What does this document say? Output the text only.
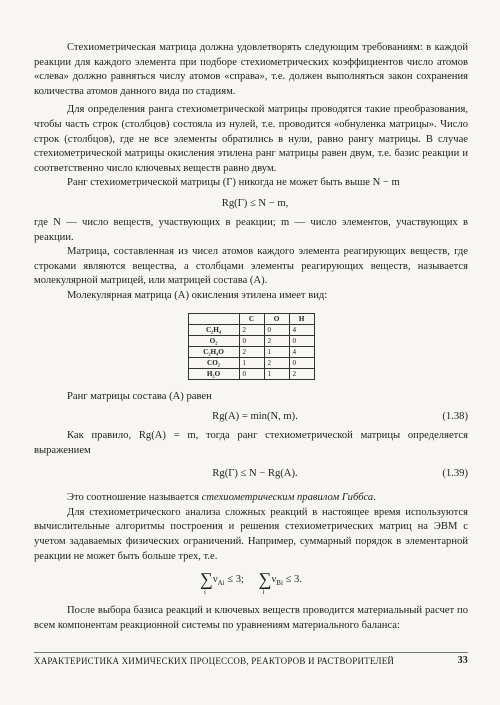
Стехиометрическая матрица должна удовлетворять следующим требованиям: в каждой реакции для каждого элемента при подборе стехиометрических коэффициентов число атомов «слева» должно равняться числу атомов «справа», т.е. должен выполняться закон сохранения количества атомов данного вида по стадиям.

Для определения ранга стехиометрической матрицы проводятся такие преобразования, чтобы часть строк (столбцов) состояла из нулей, т.е. проводится «обнуленка матрицы». Число строк (столбцов), где не все элементы обратились в нули, равно рангу матрицы. В случае стехиометрической матрицы окисления этилена ранг матрицы равен двум, т.е. базис реакции и соответственно число ключевых веществ равно двум.

Ранг стехиометрической матрицы (Γ) никогда не может быть выше N − m

Rg(Γ) ≤ N − m,

где N — число веществ, участвующих в реакции; m — число элементов, участвующих в реакции.

Матрица, составленная из чисел атомов каждого элемента реагирующих веществ, где строками являются вещества, а столбцами элементы реагирующих веществ, называется молекулярной матрицей, или матрицей состава (А).

Молекулярная матрица (А) окисления этилена имеет вид:

	C	O	H
C₂H₄	2	0	4
O₂	0	2	0
C₂H₄O	2	1	4
CO₂	1	2	0
H₂O	0	1	2

Ранг матрицы состава (А) равен

Rg(A) = min(N, m).	(1.38)

Как правило, Rg(A) = m, тогда ранг стехиометрической матрицы определяется выражением

Rg(Γ) ≤ N − Rg(A).	(1.39)

Это соотношение называется стехиометрическим правилом Гиббса.

Для стехиометрического анализа сложных реакций в настоящее время используются вычислительные алгоритмы построения и решения стехиометрических матриц на ЭВМ с учетом задаваемых физических ограничений. Например, суммарный порядок в элементарной реакции не может быть больше трех, т.е.

∑
i
$\nu_{Ai} \le 3$; ∑
i
$\nu_{Bi} \le 3$.

После выбора базиса реакций и ключевых веществ проводится материальный расчет по всем компонентам реакционной системы по уравнениям материального баланса:

ХАРАКТЕРИСТИКА ХИМИЧЕСКИХ ПРОЦЕССОВ, РЕАКТОРОВ И РАСТВОРИТЕЛЕЙ	33
